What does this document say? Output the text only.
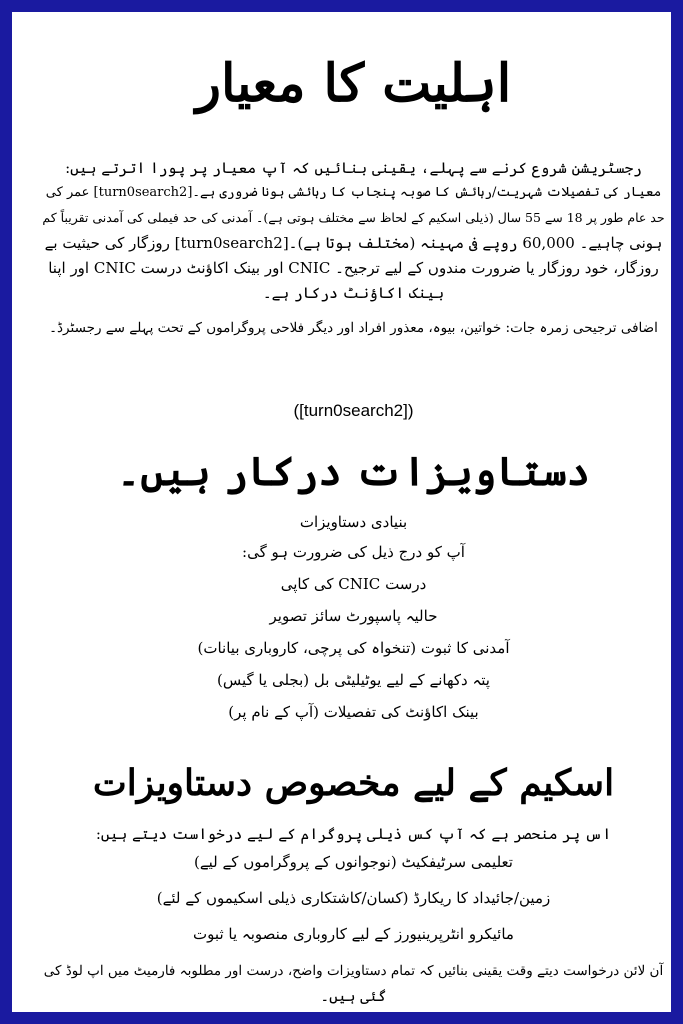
اہلیت کا معیار
رجسٹریشن شروع کرنے سے پہلے، یقینی بنائیں کہ آپ معیار پر پورا اترتے ہیں:
معیار کی تفصیلات شہریت/رہائش کا صوبہ پنجاب کا رہائشی ہونا ضروری ہے۔[turn0search2] عمر کی
حد عام طور پر 18 سے 55 سال (ذیلی اسکیم کے لحاظ سے مختلف ہوتی ہے)۔ آمدنی کی حد فیملی کی آمدنی تقریباً کم
ہونی چاہیے۔ 60,000 روپے فی مہینہ (مختلف ہوتا ہے)۔[turn0search2] روزگار کی حیثیت بے
روزگار، خود روزگار یا ضرورت مندوں کے لیے ترجیح۔ CNIC اور بینک اکاؤنٹ درست CNIC اور اپنا
بینک اکاؤنٹ درکار ہے۔
اضافی ترجیحی زمرہ جات: خواتین، بیوہ، معذور افراد اور دیگر فلاحی پروگراموں کے تحت پہلے سے رجسٹرڈ۔
([turn0search2])
دستاویزات درکار ہیں۔
بنیادی دستاویزات
آپ کو درج ذیل کی ضرورت ہو گی:
درست CNIC کی کاپی
حالیہ پاسپورٹ سائز تصویر
آمدنی کا ثبوت (تنخواہ کی پرچی، کاروباری بیانات)
پتہ دکھانے کے لیے یوٹیلیٹی بل (بجلی یا گیس)
بینک اکاؤنٹ کی تفصیلات (آپ کے نام پر)
اسکیم کے لیے مخصوص دستاویزات
اس پر منحصر ہے کہ آپ کس ذیلی پروگرام کے لیے درخواست دیتے ہیں:
تعلیمی سرٹیفکیٹ (نوجوانوں کے پروگراموں کے لیے)
زمین/جائیداد کا ریکارڈ (کسان/کاشتکاری ذیلی اسکیموں کے لئے)
مائیکرو انٹرپرینیورز کے لیے کاروباری منصوبہ یا ثبوت
آن لائن درخواست دیتے وقت یقینی بنائیں کہ تمام دستاویزات واضح، درست اور مطلوبہ فارمیٹ میں اپ لوڈ کی
گئی ہیں۔
